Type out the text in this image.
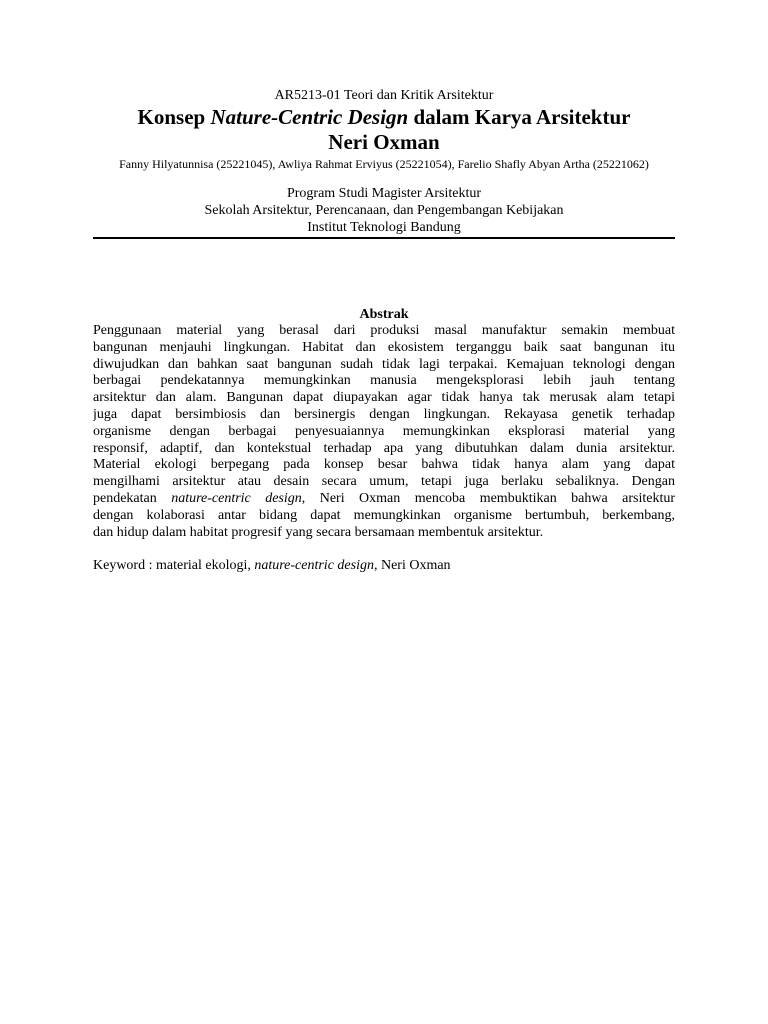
AR5213-01 Teori dan Kritik Arsitektur
Konsep Nature-Centric Design dalam Karya Arsitektur
Neri Oxman
Fanny Hilyatunnisa (25221045), Awliya Rahmat Erviyus (25221054), Farelio Shafly Abyan Artha (25221062)
Program Studi Magister Arsitektur
Sekolah Arsitektur, Perencanaan, dan Pengembangan Kebijakan
Institut Teknologi Bandung
Abstrak
Penggunaan material yang berasal dari produksi masal manufaktur semakin membuat
bangunan menjauhi lingkungan. Habitat dan ekosistem terganggu baik saat bangunan itu
diwujudkan dan bahkan saat bangunan sudah tidak lagi terpakai. Kemajuan teknologi dengan
berbagai pendekatannya memungkinkan manusia mengeksplorasi lebih jauh tentang
arsitektur dan alam. Bangunan dapat diupayakan agar tidak hanya tak merusak alam tetapi
juga dapat bersimbiosis dan bersinergis dengan lingkungan. Rekayasa genetik terhadap
organisme dengan berbagai penyesuaiannya memungkinkan eksplorasi material yang
responsif, adaptif, dan kontekstual terhadap apa yang dibutuhkan dalam dunia arsitektur.
Material ekologi berpegang pada konsep besar bahwa tidak hanya alam yang dapat
mengilhami arsitektur atau desain secara umum, tetapi juga berlaku sebaliknya. Dengan
pendekatan nature-centric design, Neri Oxman mencoba membuktikan bahwa arsitektur
dengan kolaborasi antar bidang dapat memungkinkan organisme bertumbuh, berkembang,
dan hidup dalam habitat progresif yang secara bersamaan membentuk arsitektur.
Keyword : material ekologi, nature-centric design, Neri Oxman
